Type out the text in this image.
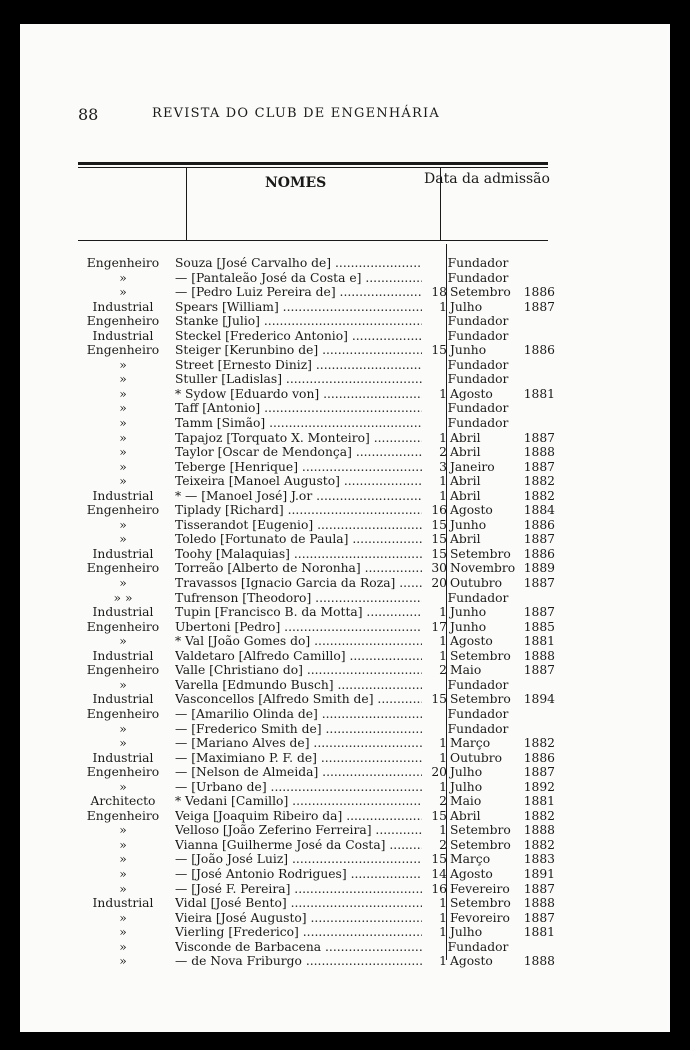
88	REVISTA DO CLUB DE ENGENHÁRIA
NOMES	Data da admissão
Engenheiro	Souza [José Carvalho de] .....	Fundador
»	— [Pantaleão José da Costa e] .....	Fundador
»	— [Pedro Luiz Pereira de] .....	18 Setembro	1886
Industrial	Spears [William] .....	1 Julho	1887
Engenheiro	Stanke [Julio] .....	Fundador
Industrial	Steckel [Frederico Antonio] .....	Fundador
Engenheiro	Steiger [Kerunbino de] .....	15 Junho	1886
»	Street [Ernesto Diniz] .....	Fundador
»	Stuller [Ladislas] .....	Fundador
»	* Sydow [Eduardo von] .....	1 Agosto	1881
»	Taff [Antonio] .....	Fundador
»	Tamm [Simão] .....	Fundador
»	Tapajoz [Torquato X. Monteiro] .....	1 Abril	1887
»	Taylor [Oscar de Mendonça] .....	2 Abril	1888
»	Teberge [Henrique] .....	3 Janeiro	1887
»	Teixeira [Manoel Augusto] .....	1 Abril	1882
Industrial	* — [Manoel José] J.or .....	1 Abril	1882
Engenheiro	Tiplady [Richard] .....	16 Agosto	1884
»	Tisserandot [Eugenio] .....	15 Junho	1886
»	Toledo [Fortunato de Paula] .....	15 Abril	1887
Industrial	Toohy [Malaquias] .....	15 Setembro	1886
Engenheiro	Torreão [Alberto de Noronha] .....	30 Novembro 1889
»	Travassos [Ignacio Garcia da Roza] .....	20 Outubro	1887
» »	Tufrenson [Theodoro] .....	Fundador
Industrial	Tupin [Francisco B. da Motta] .....	1 Junho	1887
Engenheiro	Ubertoni [Pedro] .....	17 Junho	1885
»	* Val [João Gomes do] .....	1 Agosto	1881
Industrial	Valdetaro [Alfredo Camillo] .....	1 Setembro	1888
Engenheiro	Valle [Christiano do] .....	2 Maio	1887
»	Varella [Edmundo Busch] .....	Fundador
Industrial	Vasconcellos [Alfredo Smith de] .....	15 Setembro	1894
Engenheiro	— [Amarilio Olinda de] .....	Fundador
»	— [Frederico Smith de] .....	Fundador
»	— [Mariano Alves de] .....	1 Março	1882
Industrial	— [Maximiano P. F. de] .....	1 Outubro	1886
Engenheiro	— [Nelson de Almeida] .....	20 Julho	1887
»	— [Urbano de] .....	1 Julho	1892
Architecto	* Vedani [Camillo] .....	2 Maio	1881
Engenheiro	Veiga [Joaquim Ribeiro da] .....	15 Abril	1882
»	Velloso [João Zeferino Ferreira] .....	1 Setembro	1888
»	Vianna [Guilherme José da Costa] .....	2 Setembro	1882
»	— [João José Luiz] .....	15 Março	1883
»	— [José Antonio Rodrigues] .....	14 Agosto	1891
»	— [José F. Pereira] .....	16 Fevereiro	1887
Industrial	Vidal [José Bento] .....	1 Setembro	1888
»	Vieira [José Augusto] .....	1 Fevoreiro	1887
»	Vierling [Frederico] .....	1 Julho	1881
»	Visconde de Barbacena .....	Fundador
»	— de Nova Friburgo .....	1 Agosto	1888
